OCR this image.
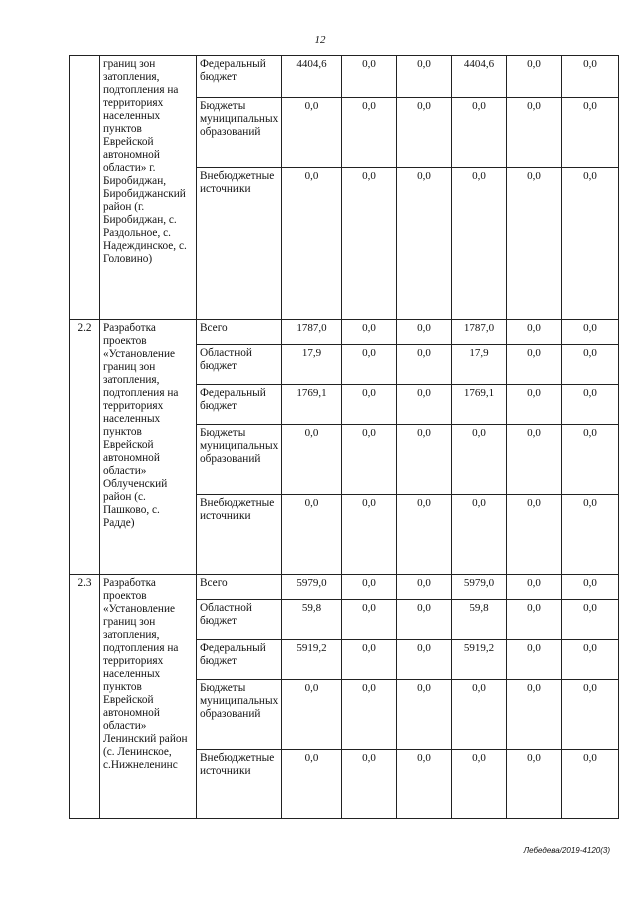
12
	границ зон затопления, подтопления на территориях населенных пунктов Еврейской автономной области» г. Биробиджан, Биробиджанский район (г. Биробиджан, с. Раздольное, с. Надеждинское, с. Головино)	Федеральный бюджет	4404,6	0,0	0,0	4404,6	0,0	0,0
		Бюджеты муниципальных образований	0,0	0,0	0,0	0,0	0,0	0,0
		Внебюджетные источники	0,0	0,0	0,0	0,0	0,0	0,0
2.2	Разработка проектов «Установление границ зон затопления, подтопления на территориях населенных пунктов Еврейской автономной области» Облученский район (с. Пашково, с. Радде)	Всего	1787,0	0,0	0,0	1787,0	0,0	0,0
		Областной бюджет	17,9	0,0	0,0	17,9	0,0	0,0
		Федеральный бюджет	1769,1	0,0	0,0	1769,1	0,0	0,0
		Бюджеты муниципальных образований	0,0	0,0	0,0	0,0	0,0	0,0
		Внебюджетные источники	0,0	0,0	0,0	0,0	0,0	0,0
2.3	Разработка проектов «Установление границ зон затопления, подтопления на территориях населенных пунктов Еврейской автономной области» Ленинский район (с. Ленинское, с.Нижнеленинс	Всего	5979,0	0,0	0,0	5979,0	0,0	0,0
		Областной бюджет	59,8	0,0	0,0	59,8	0,0	0,0
		Федеральный бюджет	5919,2	0,0	0,0	5919,2	0,0	0,0
		Бюджеты муниципальных образований	0,0	0,0	0,0	0,0	0,0	0,0
		Внебюджетные источники	0,0	0,0	0,0	0,0	0,0	0,0
Лебедева/2019-4120(3)
